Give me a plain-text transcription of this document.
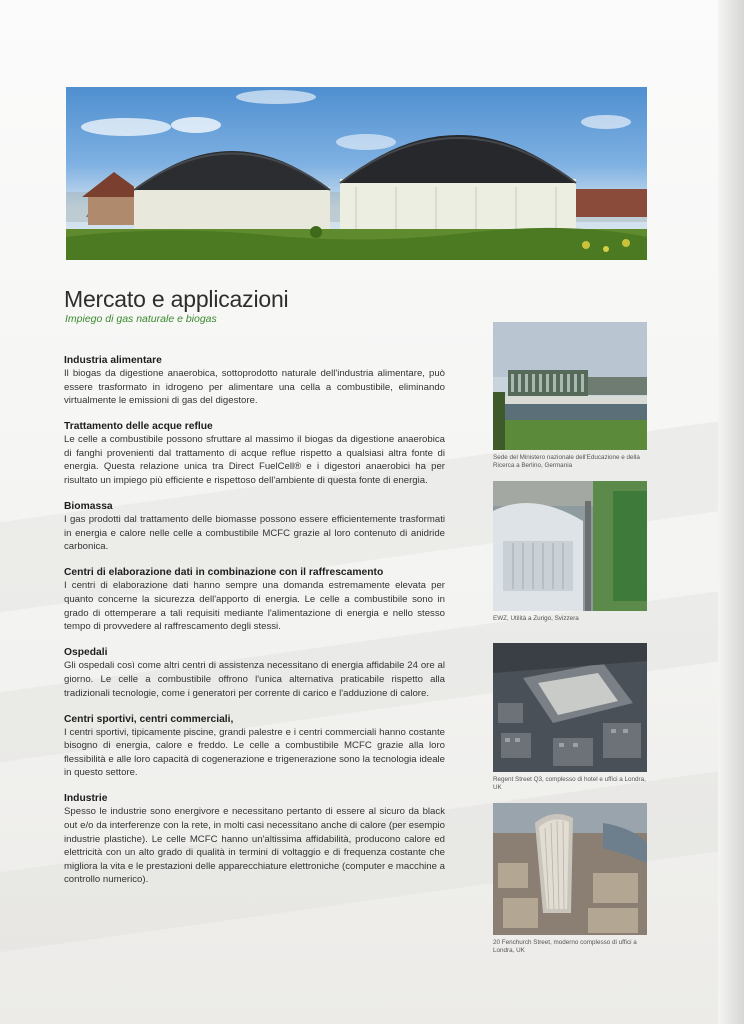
Mercato e applicazioni
Impiego di gas naturale e biogas
Industria alimentare

Il biogas da digestione anaerobica, sottoprodotto naturale dell'industria alimentare, può essere trasformato in idrogeno per alimentare una cella a combustibile, eliminando virtualmente le emissioni di gas del digestore.

Trattamento delle acque reflue

Le celle a combustibile possono sfruttare al massimo il biogas da digestione anaerobica di fanghi provenienti dal trattamento di acque reflue rispetto a qualsiasi altra fonte di energia. Questa relazione unica tra Direct FuelCell® e i digestori anaerobici ha per risultato un impiego più efficiente e rispettoso dell'ambiente di questa fonte di energia.

Biomassa

I gas prodotti dal trattamento delle biomasse possono essere efficientemente trasformati in energia e calore nelle celle a combustibile MCFC grazie al loro contenuto di anidride carbonica.

Centri di elaborazione dati in combinazione con il raffrescamento

I centri di elaborazione dati hanno sempre una domanda estremamente elevata per quanto concerne la sicurezza dell'apporto di energia. Le celle a combustibile sono in grado di ottemperare a tali requisiti mediante l'alimentazione di energia e nello stesso tempo di provvedere al raffrescamento degli stessi.

Ospedali

Gli ospedali così come altri centri di assistenza necessitano di energia affidabile 24 ore al giorno. Le celle a combustibile offrono l'unica alternativa praticabile rispetto alla tradizionali tecnologie, come i generatori per corrente di carico e l'adduzione di calore.

Centri sportivi, centri commerciali,

I centri sportivi, tipicamente piscine, grandi palestre e i centri commerciali hanno costante bisogno di energia, calore e freddo. Le celle a combustibile MCFC grazie alla loro flessibilità e alle loro capacità di cogenerazione e trigenerazione sono la tecnologia ideale in questo settore.

Industrie

Spesso le industrie sono energivore e necessitano pertanto di essere al sicuro da black out e/o da interferenze con la rete, in molti casi necessitano anche di calore (per esempio industrie plastiche). Le celle MCFC hanno un'altissima affidabilità, producono calore ed elettricità con un alto grado di qualità in termini di voltaggio e di frequenza costante che migliora la vita e le prestazioni delle apparecchiature elettroniche (computer e macchine a controllo numerico).

Sede del Ministero nazionale dell'Educazione e della Ricerca a Berlino, Germania
EWZ, Utilità a Zurigo, Svizzera
Regent Street Q3, complesso di hotel e uffici a Londra, UK
20 Fenchurch Street, moderno complesso di uffici a Londra, UK
